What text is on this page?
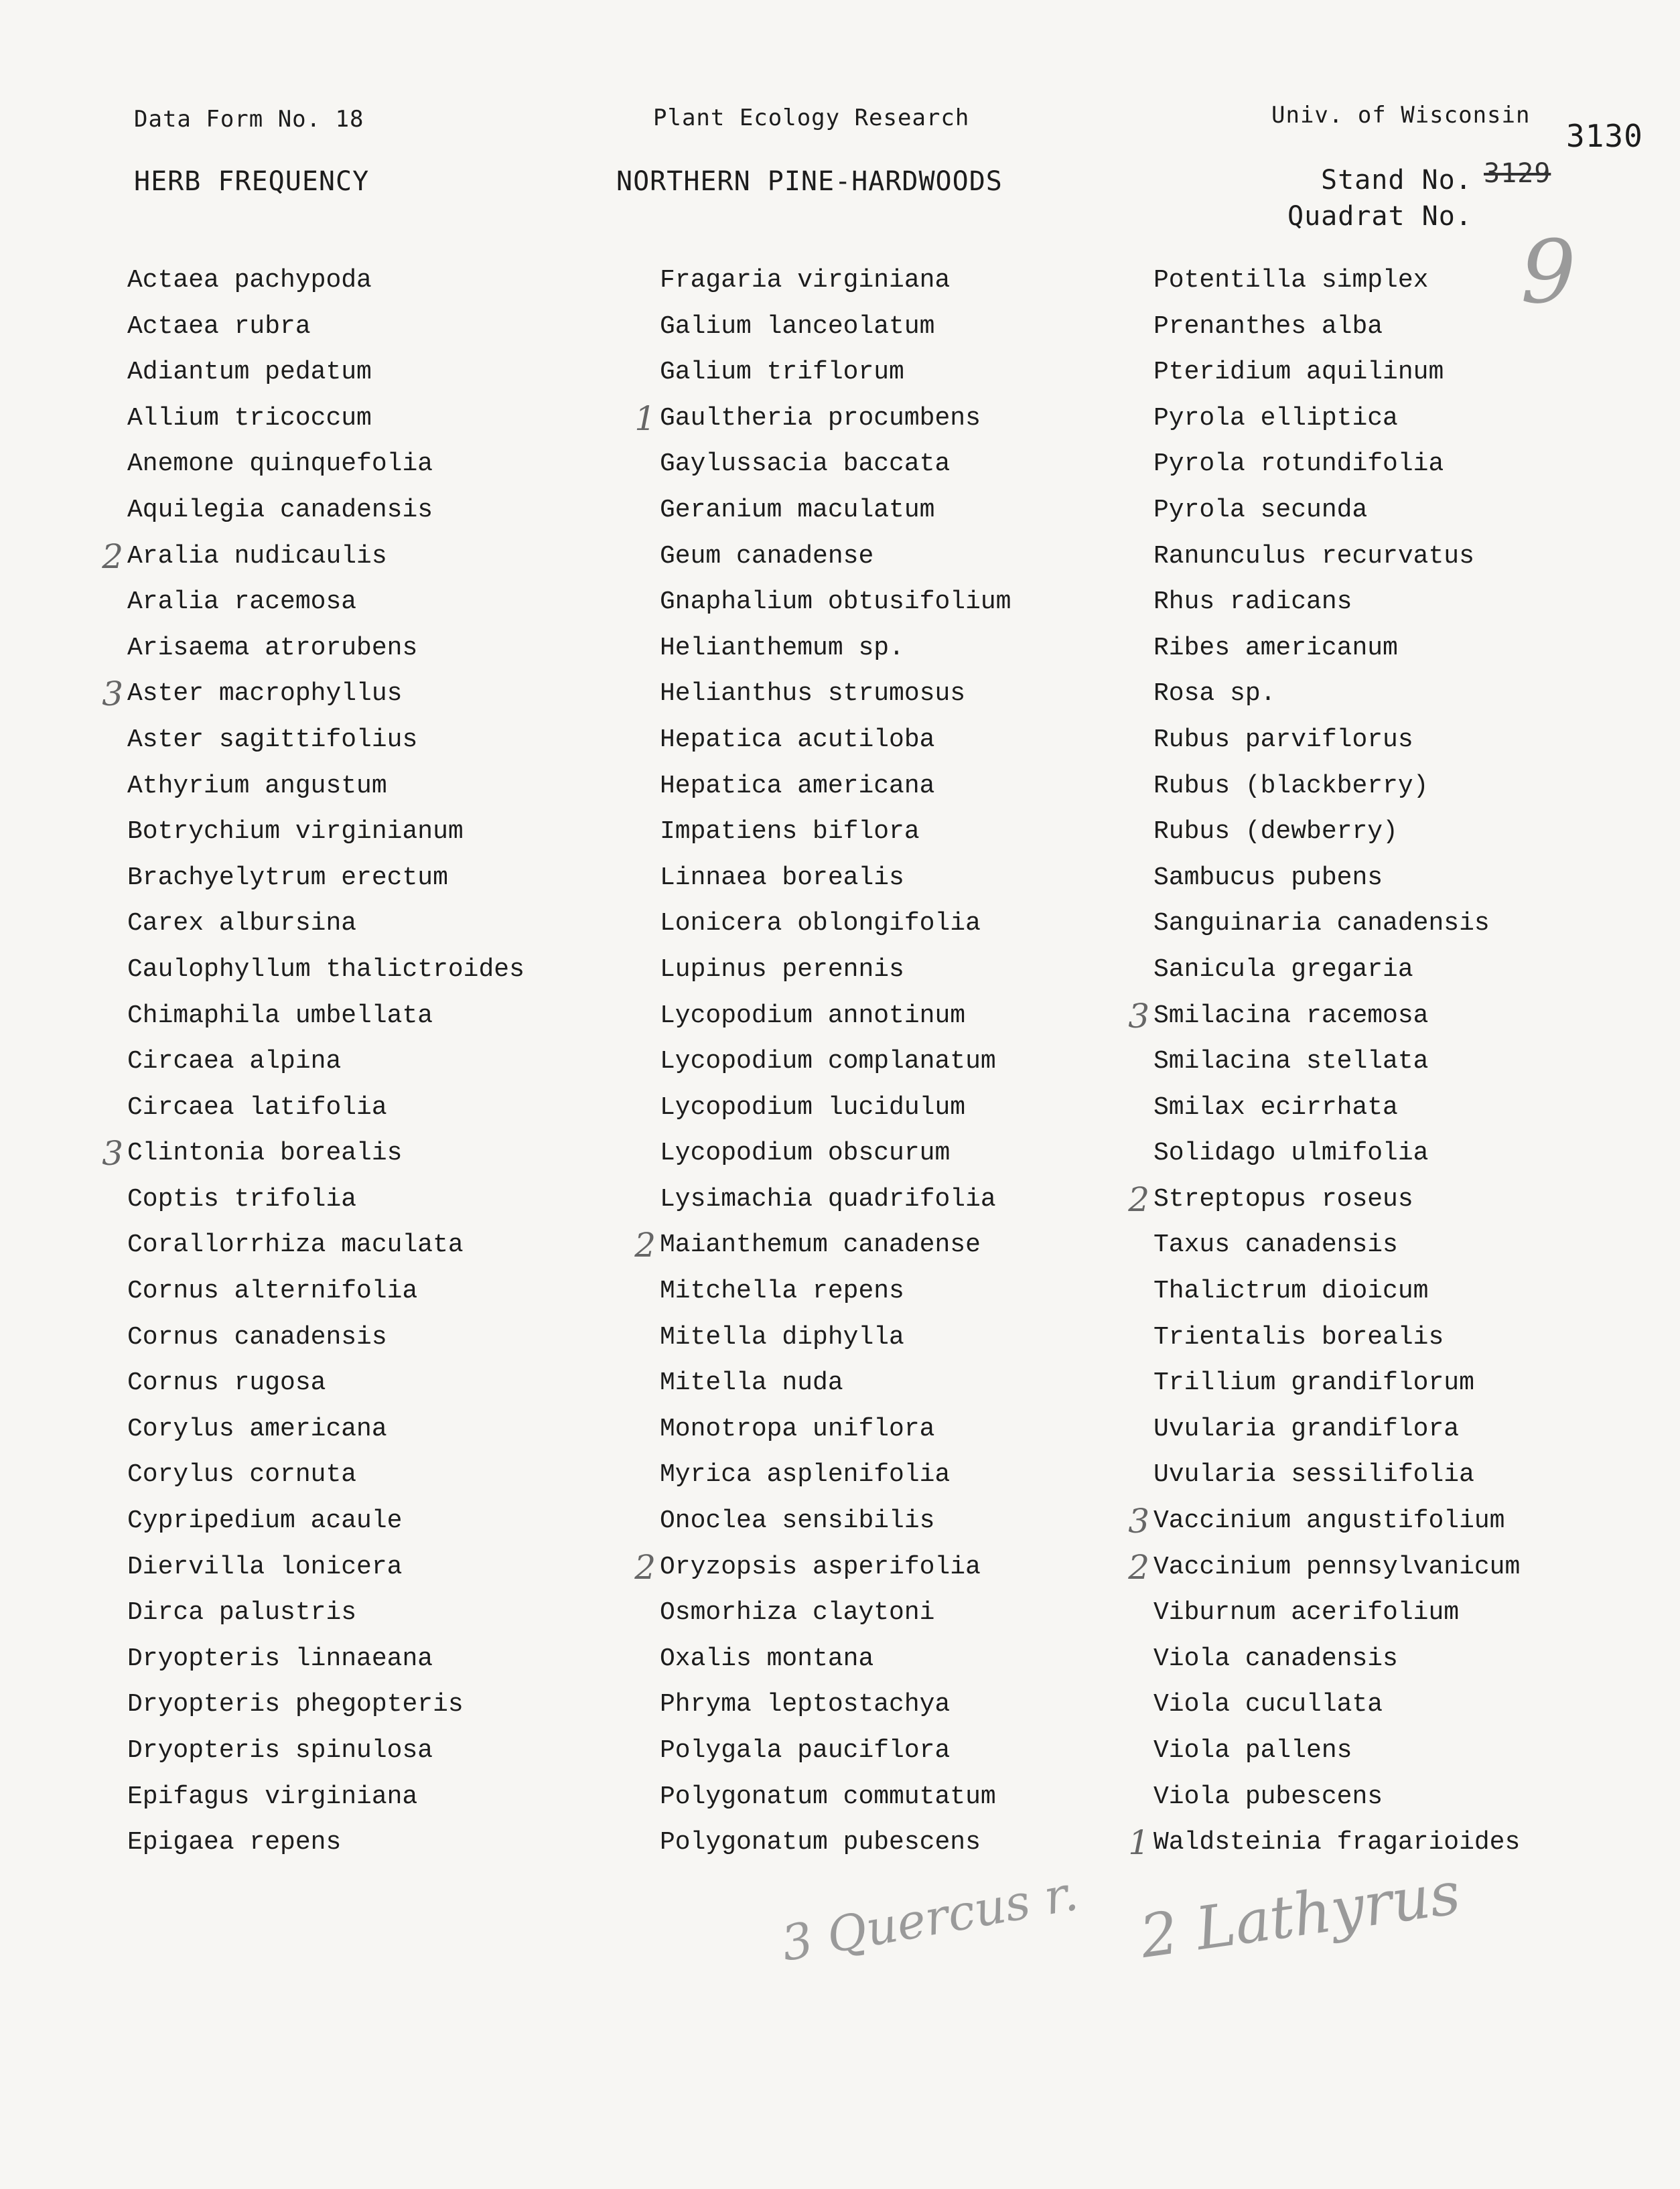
Data Form No. 18	Plant Ecology Research	Univ. of Wisconsin
HERB FREQUENCY	NORTHERN PINE-HARDWOODS	Stand No. 3129
3130
Quadrat No.
9
Actaea pachypoda
Actaea rubra
Adiantum pedatum
Allium tricoccum
Anemone quinquefolia
Aquilegia canadensis
2 Aralia nudicaulis
Aralia racemosa
Arisaema atrorubens
3 Aster macrophyllus
Aster sagittifolius
Athyrium angustum
Botrychium virginianum
Brachyelytrum erectum
Carex albursina
Caulophyllum thalictroides
Chimaphila umbellata
Circaea alpina
Circaea latifolia
3 Clintonia borealis
Coptis trifolia
Corallorrhiza maculata
Cornus alternifolia
Cornus canadensis
Cornus rugosa
Corylus americana
Corylus cornuta
Cypripedium acaule
Diervilla lonicera
Dirca palustris
Dryopteris linnaeana
Dryopteris phegopteris
Dryopteris spinulosa
Epifagus virginiana
Epigaea repens
Fragaria virginiana
Galium lanceolatum
Galium triflorum
1 Gaultheria procumbens
Gaylussacia baccata
Geranium maculatum
Geum canadense
Gnaphalium obtusifolium
Helianthemum sp.
Helianthus strumosus
Hepatica acutiloba
Hepatica americana
Impatiens biflora
Linnaea borealis
Lonicera oblongifolia
Lupinus perennis
Lycopodium annotinum
Lycopodium complanatum
Lycopodium lucidulum
Lycopodium obscurum
Lysimachia quadrifolia
2 Maianthemum canadense
Mitchella repens
Mitella diphylla
Mitella nuda
Monotropa uniflora
Myrica asplenifolia
Onoclea sensibilis
2 Oryzopsis asperifolia
Osmorhiza claytoni
Oxalis montana
Phryma leptostachya
Polygala pauciflora
Polygonatum commutatum
Polygonatum pubescens
Potentilla simplex
Prenanthes alba
Pteridium aquilinum
Pyrola elliptica
Pyrola rotundifolia
Pyrola secunda
Ranunculus recurvatus
Rhus radicans
Ribes americanum
Rosa sp.
Rubus parviflorus
Rubus (blackberry)
Rubus (dewberry)
Sambucus pubens
Sanguinaria canadensis
Sanicula gregaria
3 Smilacina racemosa
Smilacina stellata
Smilax ecirrhata
Solidago ulmifolia
2 Streptopus roseus
Taxus canadensis
Thalictrum dioicum
Trientalis borealis
Trillium grandiflorum
Uvularia grandiflora
Uvularia sessilifolia
3 Vaccinium angustifolium
2 Vaccinium pennsylvanicum
Viburnum acerifolium
Viola canadensis
Viola cucullata
Viola pallens
Viola pubescens
1 Waldsteinia fragarioides
3 Quercus r. 2 Lathyrus
